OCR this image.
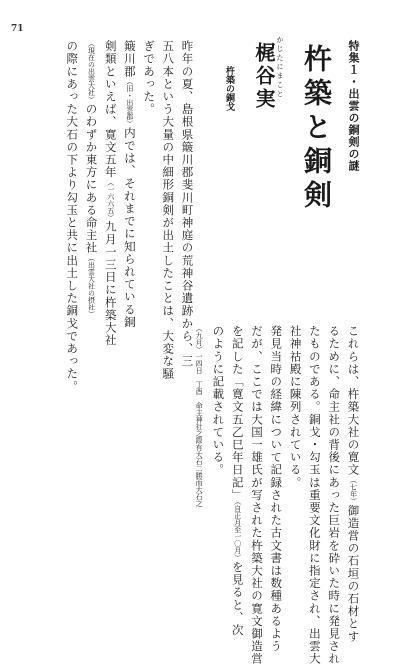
71
特集１・出雲の銅剣の謎
杵築と銅剣
かじたにまこと
梶谷実
杵築の銅戈
昨年の夏、島根県簸川郡斐川町神庭の荒神谷遺跡から、三
五八本という大量の中細形銅剣が出土したことは、大変な騒
ぎであった。
簸川郡（旧・出雲郡）内では、それまでに知られている銅
剣類といえば、寛文五年（一六六五）九月一三日に杵築大社
（現在の出雲大社）のわずか東方にある命主社（出雲大社の摂社）
の際にあった大石の下より勾玉と共に出土した銅戈であった。
これらは、杵築大社の寛文（七年）御造営の石垣の石材とす
るために、命主社の背後にあった巨岩を砕いた時に発見され
たものである。銅戈・勾玉は重要文化財に指定され、出雲大
社神祜殿に陳列されている。
発見当時の経緯について記録された古文書は数種あるよう
だが、ここでは大国一雄氏が写された杵築大社の寛文御造営
を記した「寛文五乙巳年日記」（自正月至一〇月）を見ると、次
のように記載されている。
（九月）一四日　丁酉　命主神社之際有大石二勝而大石之
